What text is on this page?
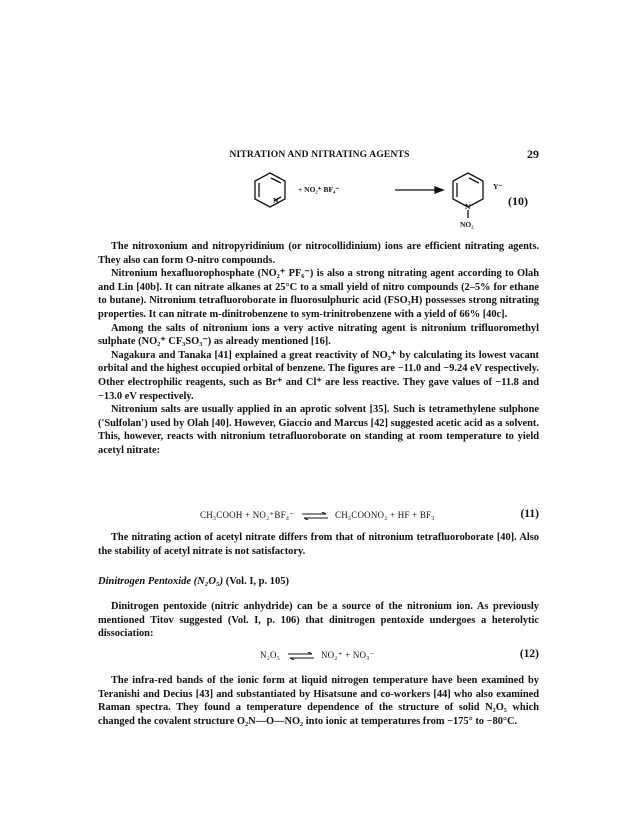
NITRATION AND NITRATING AGENTS	29
N
+ NO₂⁺ BF₄⁻
N
Y⁻
NO₂
(10)

The nitroxonium and nitropyridinium (or nitrocollidinium) ions are efficient nitrating agents. They also can form O-nitro compounds.

Nitronium hexafluorophosphate (NO₂⁺ PF₆⁻) is also a strong nitrating agent according to Olah and Lin [40b]. It can nitrate alkanes at 25°C to a small yield of nitro compounds (2–5% for ethane to butane). Nitronium tetrafluoroborate in fluorosulphuric acid (FSO₃H) possesses strong nitrating properties. It can nitrate m-dinitrobenzene to sym-trinitrobenzene with a yield of 66% [40c].

Among the salts of nitronium ions a very active nitrating agent is nitronium trifluoromethyl sulphate (NO₂⁺ CF₃SO₃⁻) as already mentioned [16].

Nagakura and Tanaka [41] explained a great reactivity of NO₂⁺ by calculating its lowest vacant orbital and the highest occupied orbital of benzene. The figures are −11.0 and −9.24 eV respectively. Other electrophilic reagents, such as Br⁺ and Cl⁺ are less reactive. They gave values of −11.8 and −13.0 eV respectively.

Nitronium salts are usually applied in an aprotic solvent [35]. Such is tetramethylene sulphone ('Sulfolan') used by Olah [40]. However, Giaccio and Marcus [42] suggested acetic acid as a solvent. This, however, reacts with nitronium tetrafluoroborate on standing at room temperature to yield acetyl nitrate:

CH₃COOH + NO₂⁺BF₄⁻ ⇌ CH₃COONO₂ + HF + BF₃	(11)

The nitrating action of acetyl nitrate differs from that of nitronium tetrafluoroborate [40]. Also the stability of acetyl nitrate is not satisfactory.

Dinitrogen Pentoxide (N₂O₅) (Vol. I, p. 105)

Dinitrogen pentoxide (nitric anhydride) can be a source of the nitronium ion. As previously mentioned Titov suggested (Vol. I, p. 106) that dinitrogen pentoxide undergoes a heterolytic dissociation:

N₂O₅ ⇌ NO₂⁺ + NO₃⁻	(12)

The infra-red bands of the ionic form at liquid nitrogen temperature have been examined by Teranishi and Decius [43] and substantiated by Hisatsune and co-workers [44] who also examined Raman spectra. They found a temperature dependence of the structure of solid N₂O₅ which changed the covalent structure O₂N—O—NO₂ into ionic at temperatures from −175° to −80°C.
